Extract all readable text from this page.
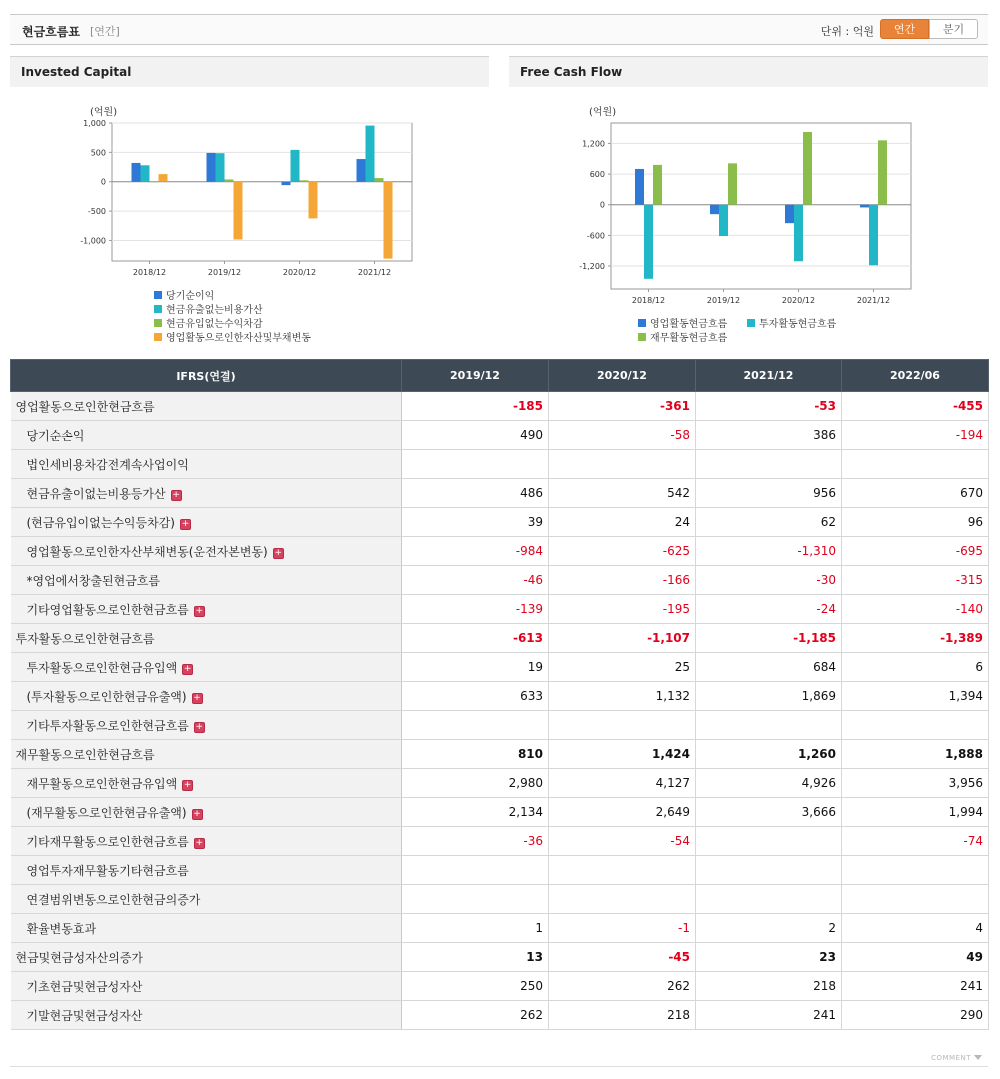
현금흐름표 [연간]	단위 : 억원	연간	분기
Invested Capital
(억원)
1,000
500
0
-500
-1,000
2018/12	2019/12	2020/12	2021/12
당기순이익
현금유출없는비용가산
현금유입없는수익차감
영업활동으로인한자산및부채변동
Free Cash Flow
(억원)
1,200
600
0
-600
-1,200
2018/12	2019/12	2020/12	2021/12
영업활동현금흐름	투자활동현금흐름
재무활동현금흐름
IFRS(연결)	2019/12	2020/12	2021/12	2022/06
영업활동으로인한현금흐름	-185	-361	-53	-455
당기순손익	490	-58	386	-194
법인세비용차감전계속사업이익				
현금유출이없는비용등가산 +	486	542	956	670
(현금유입이없는수익등차감) +	39	24	62	96
영업활동으로인한자산부채변동(운전자본변동) +	-984	-625	-1,310	-695
*영업에서창출된현금흐름	-46	-166	-30	-315
기타영업활동으로인한현금흐름 +	-139	-195	-24	-140
투자활동으로인한현금흐름	-613	-1,107	-1,185	-1,389
투자활동으로인한현금유입액 +	19	25	684	6
(투자활동으로인한현금유출액) +	633	1,132	1,869	1,394
기타투자활동으로인한현금흐름 +				
재무활동으로인한현금흐름	810	1,424	1,260	1,888
재무활동으로인한현금유입액 +	2,980	4,127	4,926	3,956
(재무활동으로인한현금유출액) +	2,134	2,649	3,666	1,994
기타재무활동으로인한현금흐름 +	-36	-54		-74
영업투자재무활동기타현금흐름				
연결범위변동으로인한현금의증가				
환율변동효과	1	-1	2	4
현금및현금성자산의증가	13	-45	23	49
기초현금및현금성자산	250	262	218	241
기말현금및현금성자산	262	218	241	290
COMMENT
